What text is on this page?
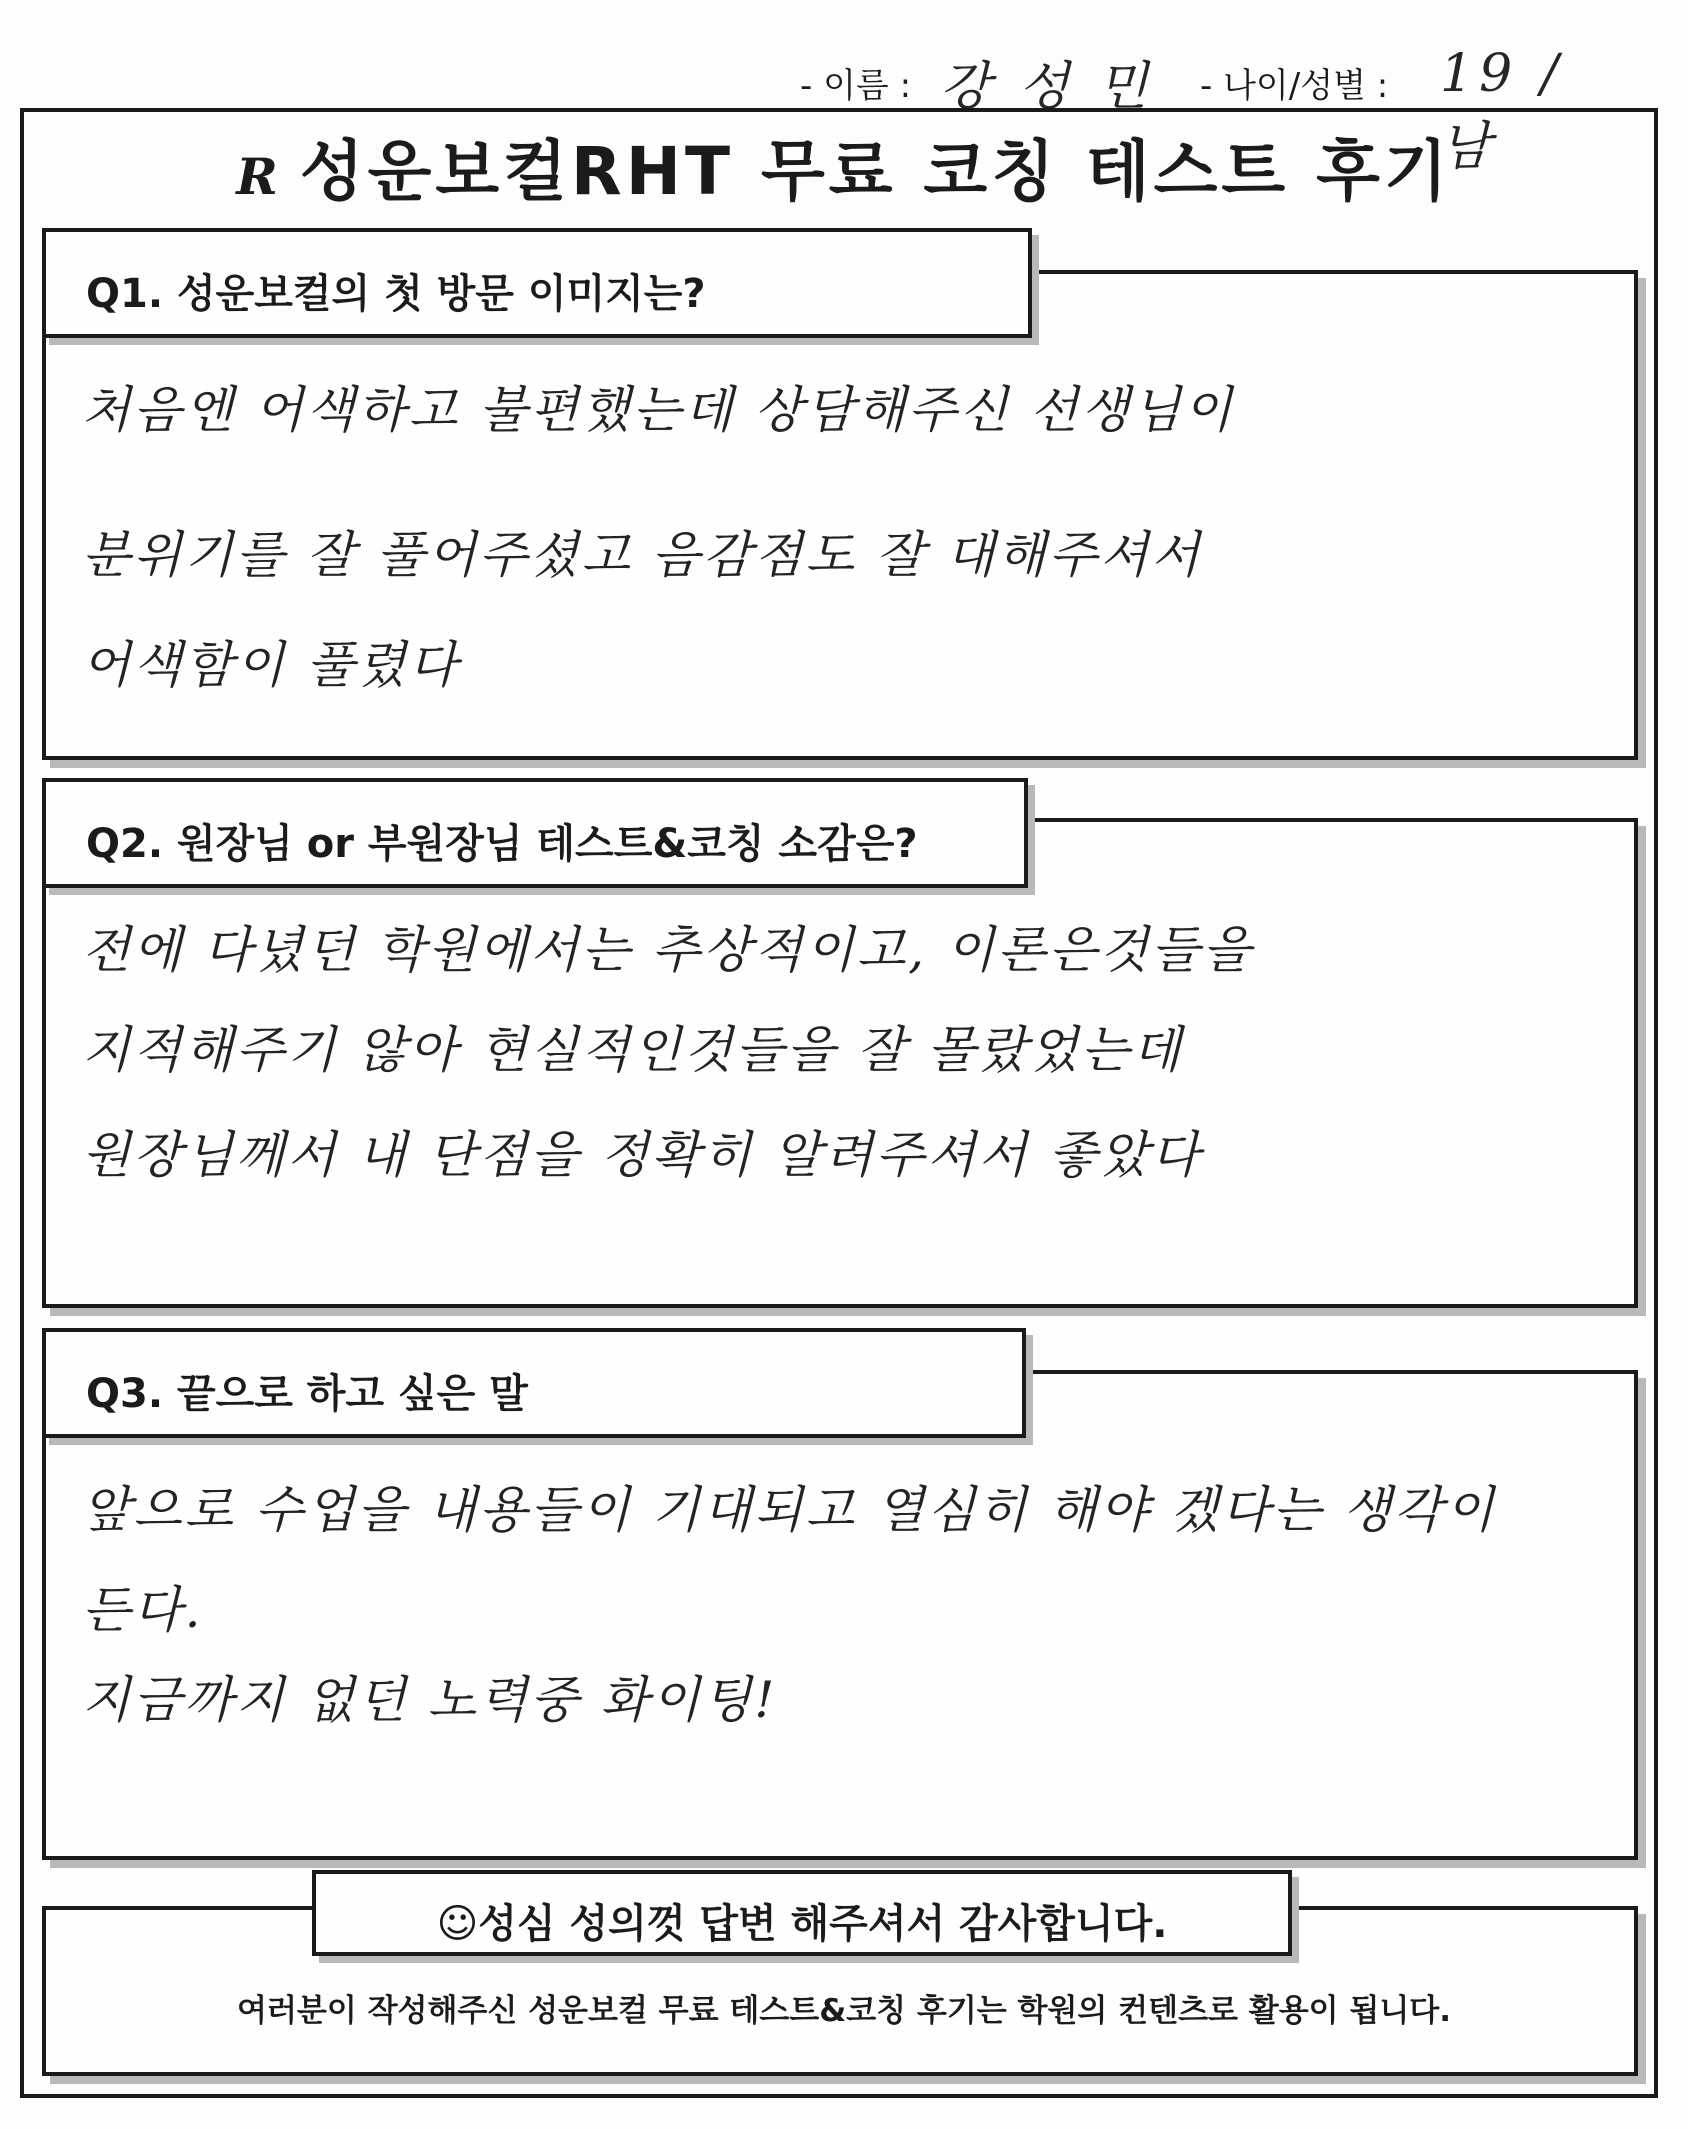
- 이름 : 강 성 민 - 나이/성별 : 19 / 남
R 성운보컬RHT 무료 코칭 테스트 후기
Q1. 성운보컬의 첫 방문 이미지는?
처음엔 어색하고 불편했는데 상담해주신 선생님이
분위기를 잘 풀어주셨고 음감점도 잘 대해주셔서
어색함이 풀렸다
Q2. 원장님 or 부원장님 테스트&코칭 소감은?
전에 다녔던 학원에서는 추상적이고, 이론은것들을
지적해주기 않아 현실적인것들을 잘 몰랐었는데
원장님께서 내 단점을 정확히 알려주셔서 좋았다
Q3. 끝으로 하고 싶은 말
앞으로 수업을 내용들이 기대되고 열심히 해야 겠다는 생각이
든다.
지금까지 없던 노력중 화이팅!
☺성심 성의껏 답변 해주셔서 감사합니다.
여러분이 작성해주신 성운보컬 무료 테스트&코칭 후기는 학원의 컨텐츠로 활용이 됩니다.
